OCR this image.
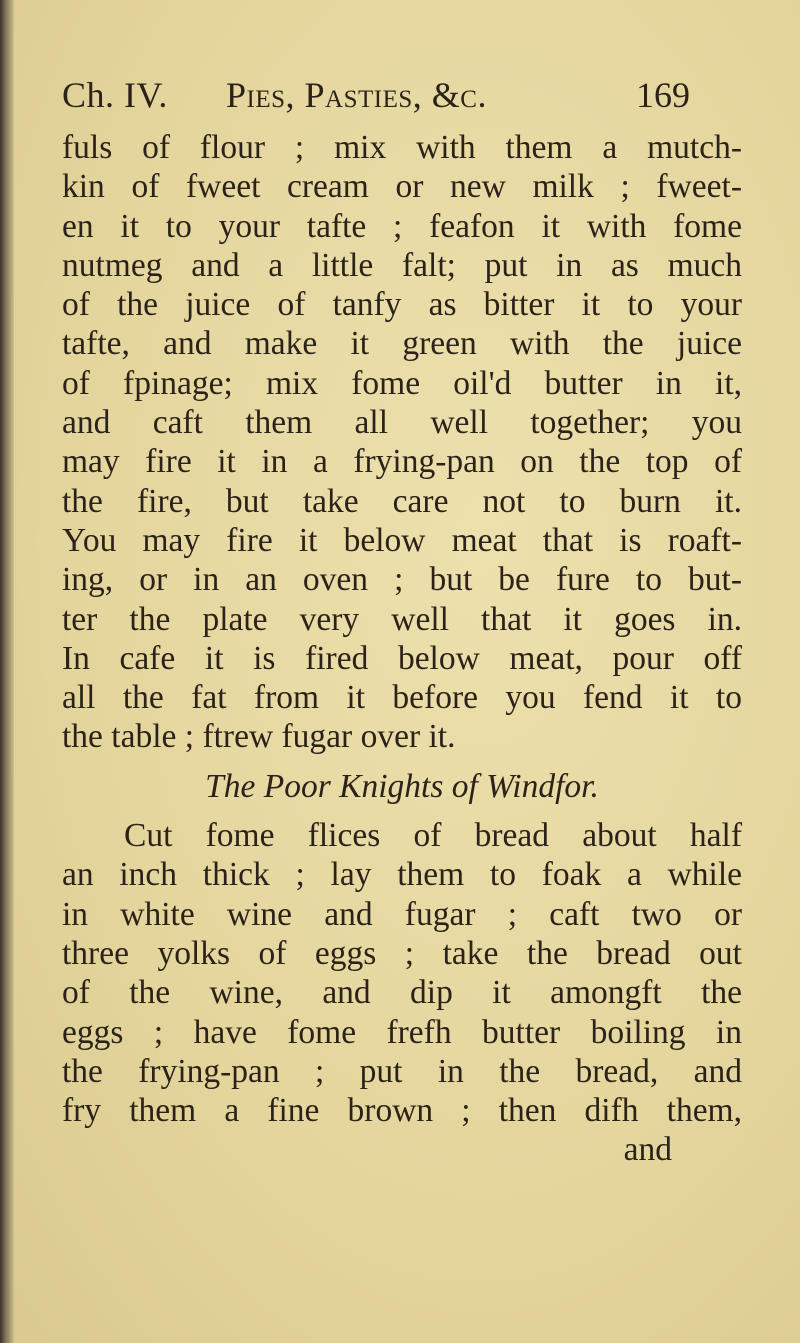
Ch. IV. Pies, Pasties, &c.	169
fuls of flour ; mix with them a mutch-
kin of fweet cream or new milk ; fweet-
en it to your tafte ; feafon it with fome
nutmeg and a little falt; put in as much
of the juice of tanfy as bitter it to your
tafte, and make it green with the juice
of fpinage; mix fome oil'd butter in it,
and caft them all well together; you
may fire it in a frying-pan on the top of
the fire, but take care not to burn it.
You may fire it below meat that is roaft-
ing, or in an oven ; but be fure to but-
ter the plate very well that it goes in.
In cafe it is fired below meat, pour off
all the fat from it before you fend it to
the table ; ftrew fugar over it.
The Poor Knights of Windfor.
Cut fome flices of bread about half
an inch thick ; lay them to foak a while
in white wine and fugar ; caft two or
three yolks of eggs ; take the bread out
of the wine, and dip it amongft the
eggs ; have fome frefh butter boiling in
the frying-pan ; put in the bread, and
fry them a fine brown ; then difh them,
and
